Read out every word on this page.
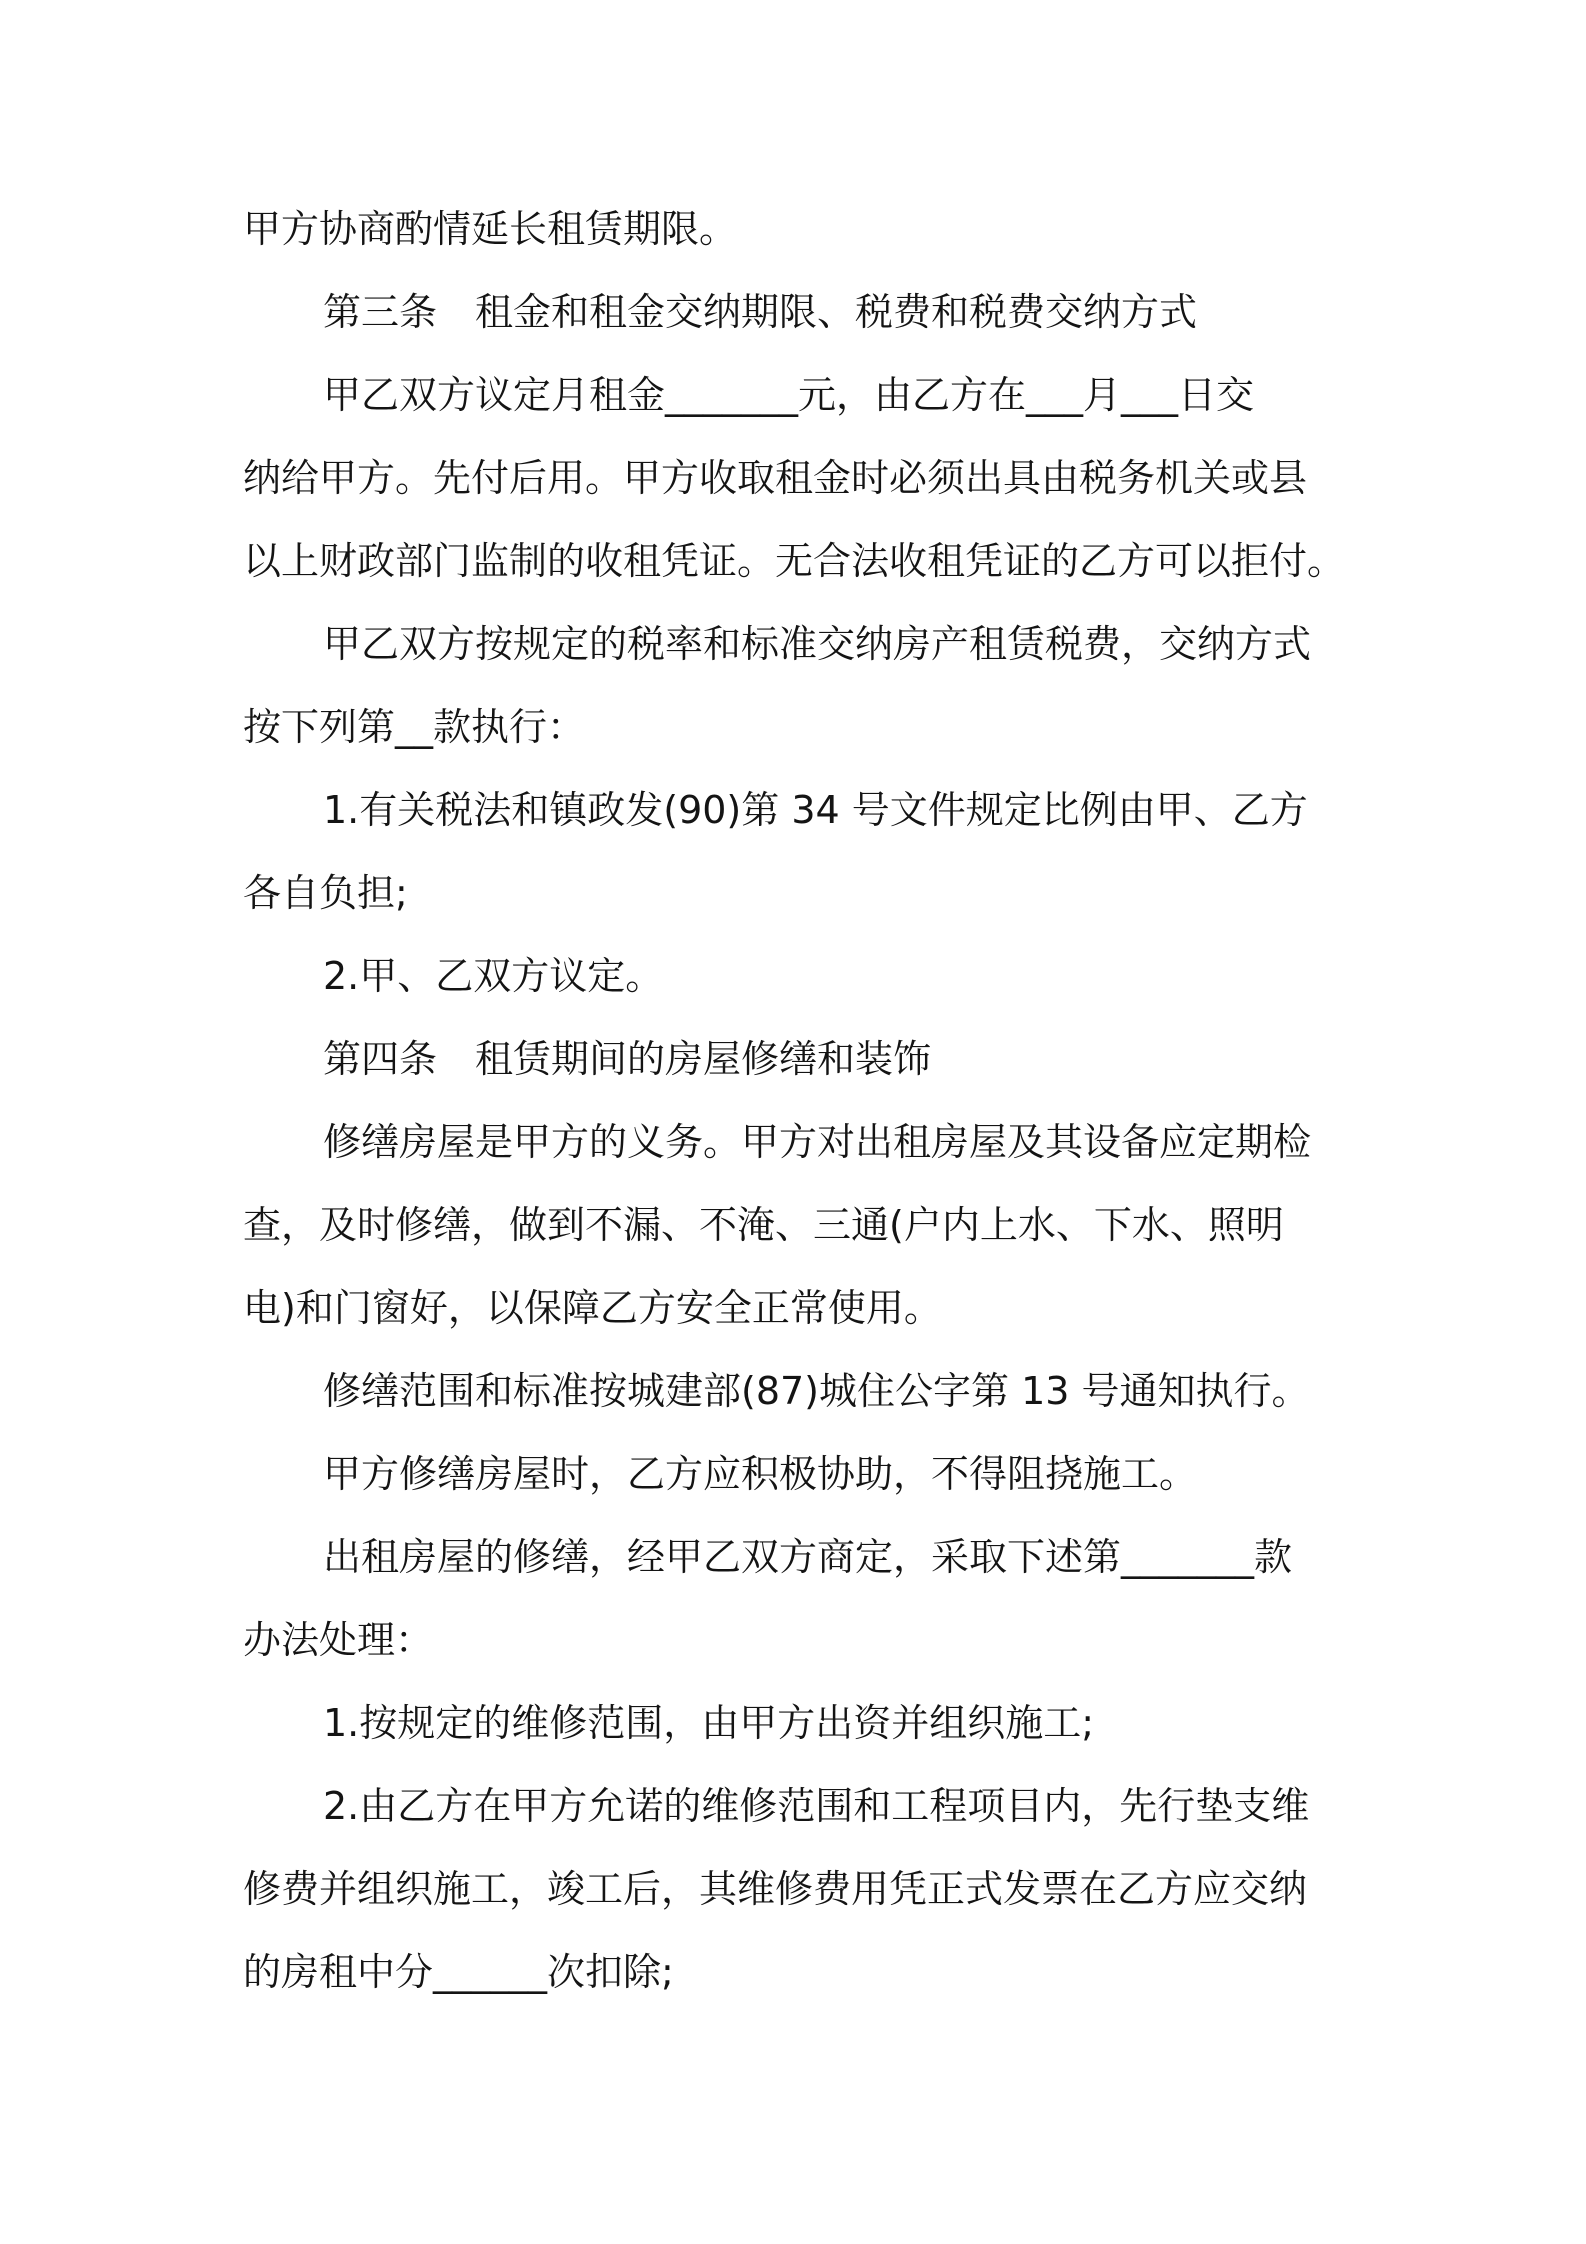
甲方协商酌情延长租赁期限。
第三条　租金和租金交纳期限、税费和税费交纳方式
甲乙双方议定月租金_______元，由乙方在___月___日交
纳给甲方。先付后用。甲方收取租金时必须出具由税务机关或县
以上财政部门监制的收租凭证。无合法收租凭证的乙方可以拒付。
甲乙双方按规定的税率和标准交纳房产租赁税费，交纳方式
按下列第__款执行：
1.有关税法和镇政发(90)第 34 号文件规定比例由甲、乙方
各自负担;
2.甲、乙双方议定。
第四条　租赁期间的房屋修缮和装饰
修缮房屋是甲方的义务。甲方对出租房屋及其设备应定期检
查，及时修缮，做到不漏、不淹、三通(户内上水、下水、照明
电)和门窗好，以保障乙方安全正常使用。
修缮范围和标准按城建部(87)城住公字第 13 号通知执行。
甲方修缮房屋时，乙方应积极协助，不得阻挠施工。
出租房屋的修缮，经甲乙双方商定，采取下述第_______款
办法处理：
1.按规定的维修范围，由甲方出资并组织施工;
2.由乙方在甲方允诺的维修范围和工程项目内，先行垫支维
修费并组织施工，竣工后，其维修费用凭正式发票在乙方应交纳
的房租中分______次扣除;
